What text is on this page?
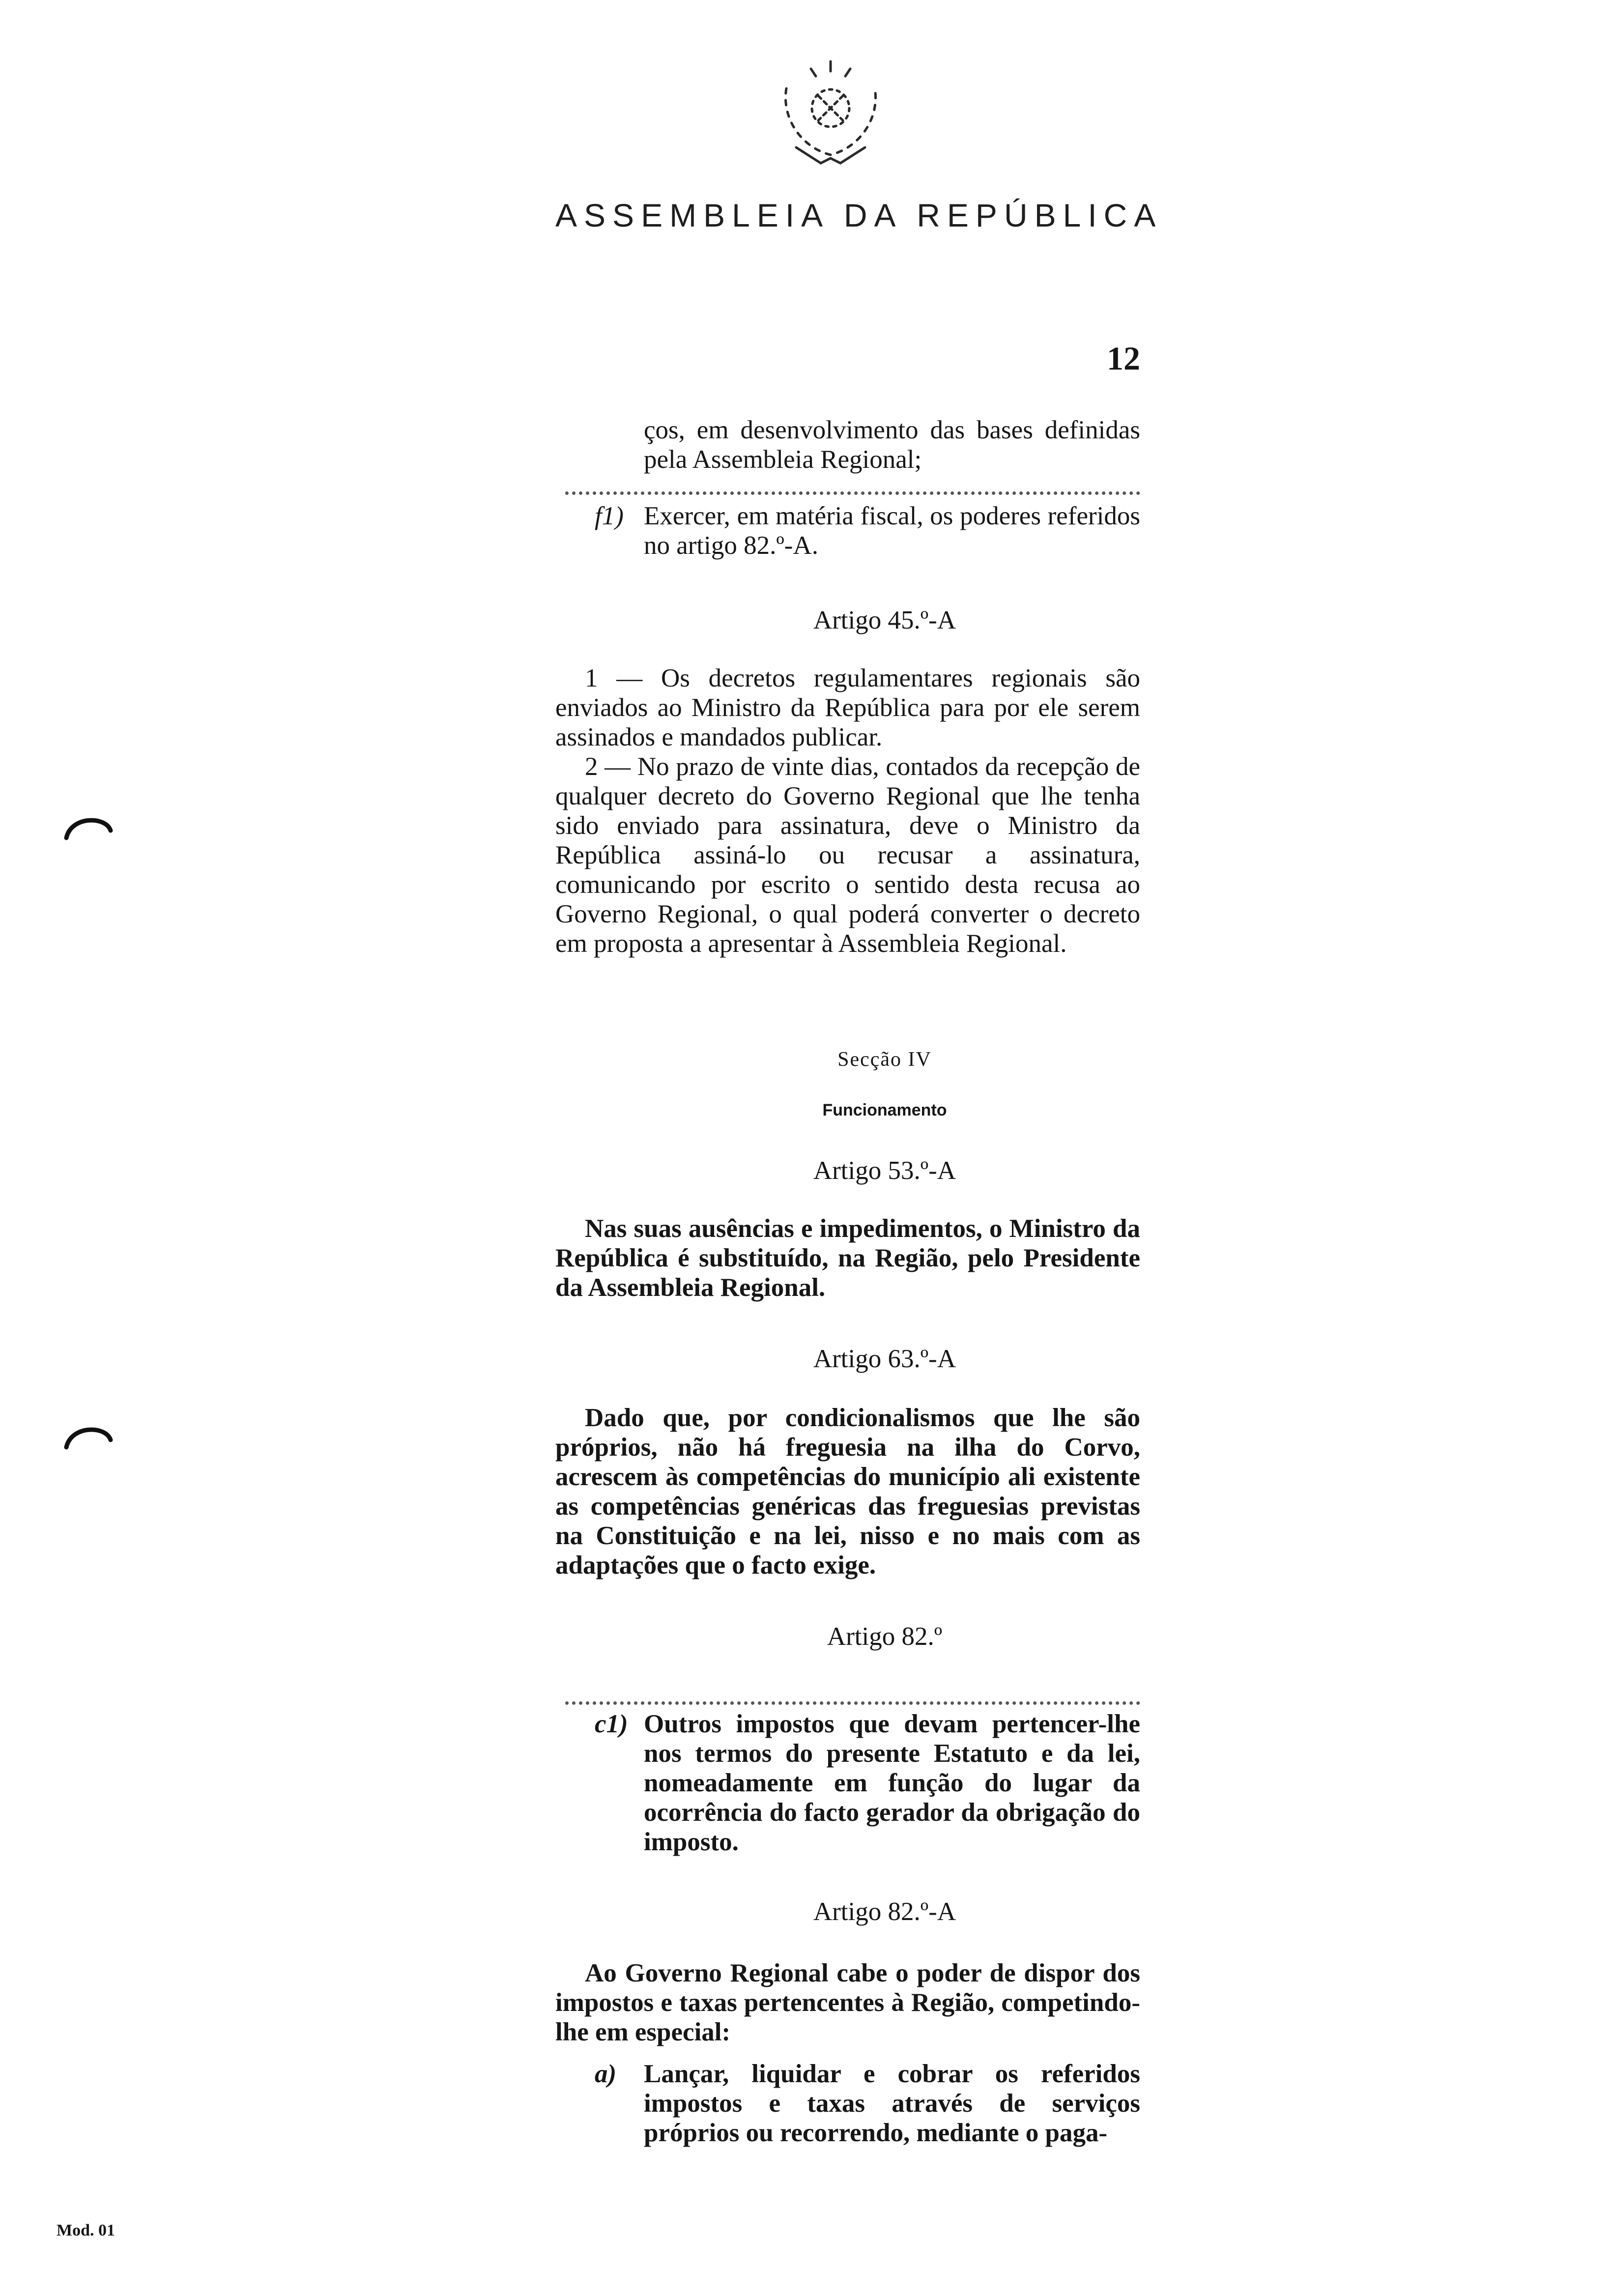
ASSEMBLEIA DA REPÚBLICA
12

ços, em desenvolvimento das bases definidas pela Assembleia Regional;

f1) Exercer, em matéria fiscal, os poderes referidos no artigo 82.º-A.
Artigo 45.º-A

1 — Os decretos regulamentares regionais são enviados ao Ministro da República para por ele serem assinados e mandados publicar.

2 — No prazo de vinte dias, contados da recepção de qualquer decreto do Governo Regional que lhe tenha sido enviado para assinatura, deve o Ministro da República assiná-lo ou recusar a assinatura, comunicando por escrito o sentido desta recusa ao Governo Regional, o qual poderá converter o decreto em proposta a apresentar à Assembleia Regional.

Secção IV
Funcionamento
Artigo 53.º-A

Nas suas ausências e impedimentos, o Ministro da República é substituído, na Região, pelo Presidente da Assembleia Regional.

Artigo 63.º-A

Dado que, por condicionalismos que lhe são próprios, não há freguesia na ilha do Corvo, acrescem às competências do município ali existente as competências genéricas das freguesias previstas na Constituição e na lei, nisso e no mais com as adaptações que o facto exige.

Artigo 82.º
c1) Outros impostos que devam pertencer-lhe nos termos do presente Estatuto e da lei, nomeadamente em função do lugar da ocorrência do facto gerador da obrigação do imposto.
Artigo 82.º-A

Ao Governo Regional cabe o poder de dispor dos impostos e taxas pertencentes à Região, competindo-lhe em especial:

a) Lançar, liquidar e cobrar os referidos impostos e taxas através de serviços próprios ou recorrendo, mediante o paga-
Mod. 01
